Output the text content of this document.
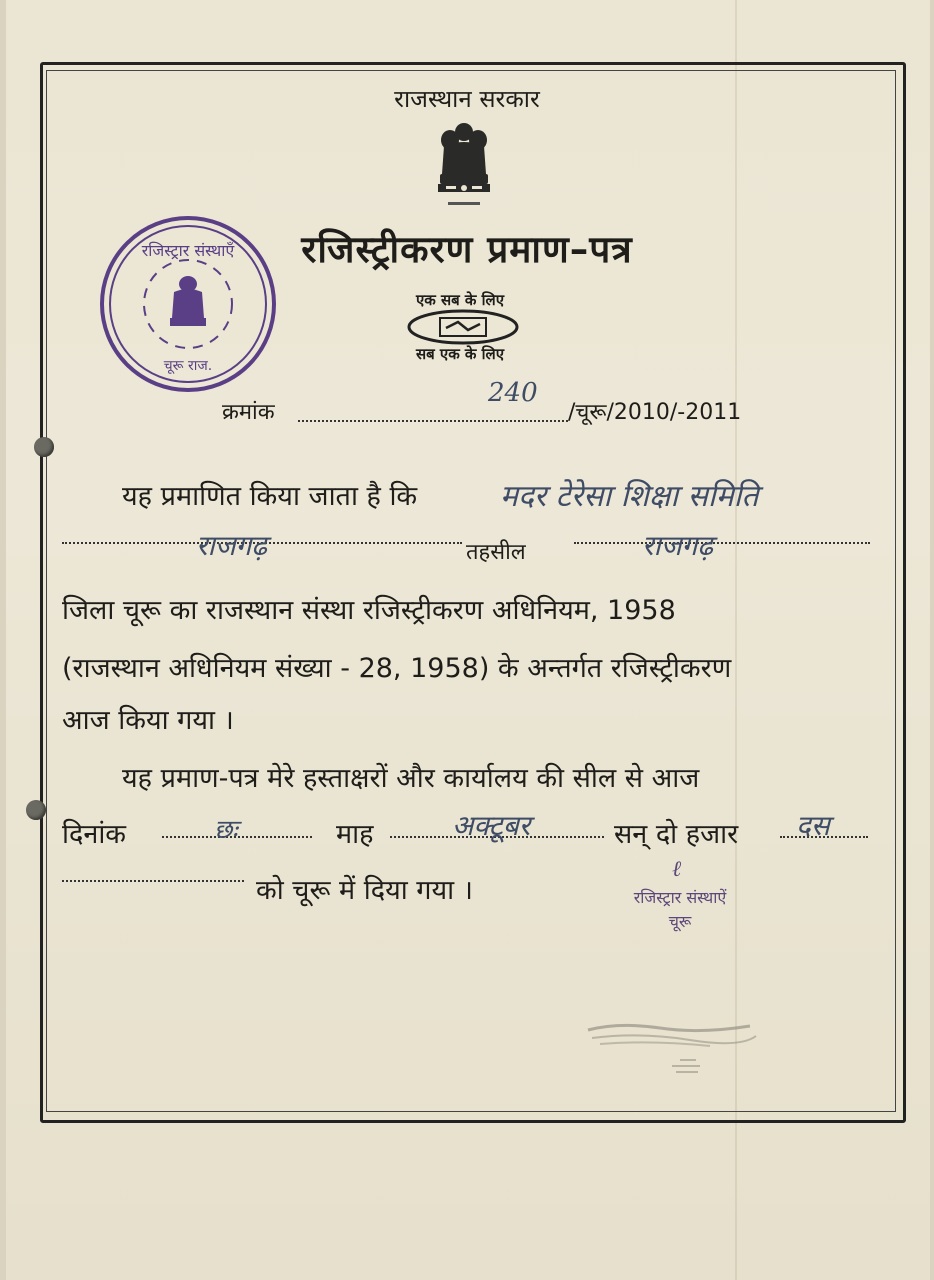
राजस्थान सरकार
रजिस्ट्रीकरण प्रमाण–पत्र
रजिस्ट्रार संस्थाएँ
चूरू राज.
एक सब के लिए
सब एक के लिए
क्रमांक
240
/चूरू/2010/-2011
यह प्रमाणित किया जाता है कि	मदर टेरेसा शिक्षा समिति
राजगढ़	तहसील	राजगढ़
जिला चूरू का राजस्थान संस्था रजिस्ट्रीकरण अधिनियम, 1958
(राजस्थान अधिनियम संख्या - 28, 1958) के अन्तर्गत रजिस्ट्रीकरण
आज किया गया ।
यह प्रमाण-पत्र मेरे हस्ताक्षरों और कार्यालय की सील से आज
दिनांक	छः	माह	अक्टूबर	सन् दो हजार दस
को चूरू में दिया गया ।
ℓ
रजिस्ट्रार संस्थाऐं
चूरू
